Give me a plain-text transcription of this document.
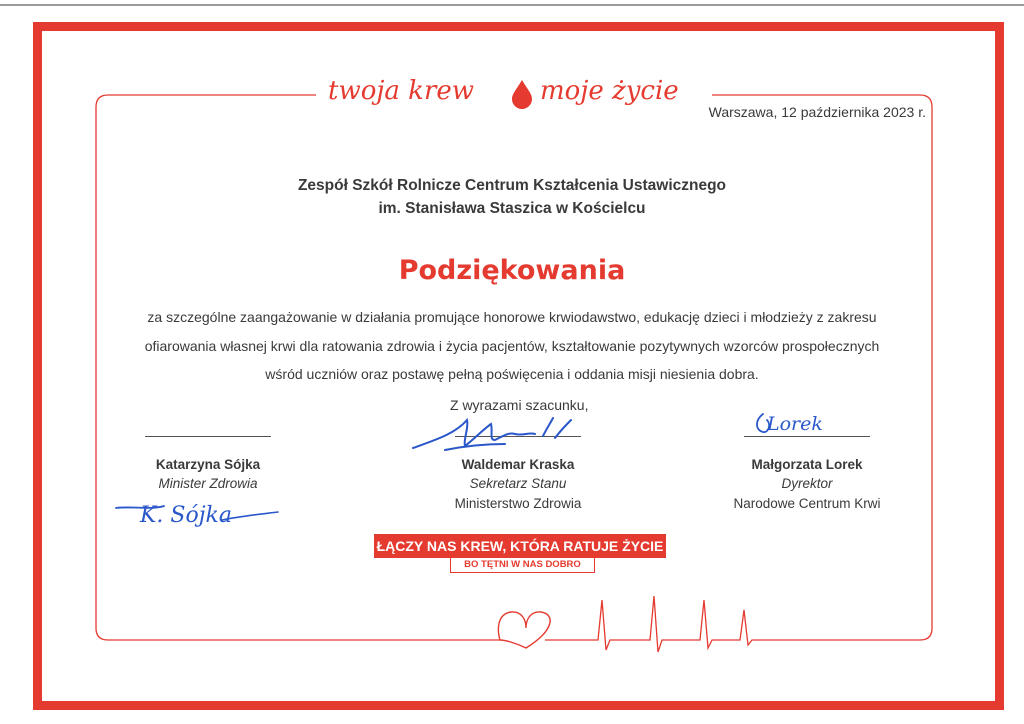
twoja krew	moje życie
Warszawa, 12 października 2023 r.
Zespół Szkół Rolnicze Centrum Kształcenia Ustawicznego
im. Stanisława Staszica w Kościelcu
Podziękowania
za szczególne zaangażowanie w działania promujące honorowe krwiodawstwo, edukację dzieci i młodzieży z zakresu
ofiarowania własnej krwi dla ratowania zdrowia i życia pacjentów, kształtowanie pozytywnych wzorców prospołecznych
wśród uczniów oraz postawę pełną poświęcenia i oddania misji niesienia dobra.
Z wyrazami szacunku,
Lorek
K. Sójka
Katarzyna Sójka
Minister Zdrowia
Waldemar Kraska
Sekretarz Stanu
Ministerstwo Zdrowia
Małgorzata Lorek
Dyrektor
Narodowe Centrum Krwi
ŁĄCZY NAS KREW, KTÓRA RATUJE ŻYCIE
BO TĘTNI W NAS DOBRO
